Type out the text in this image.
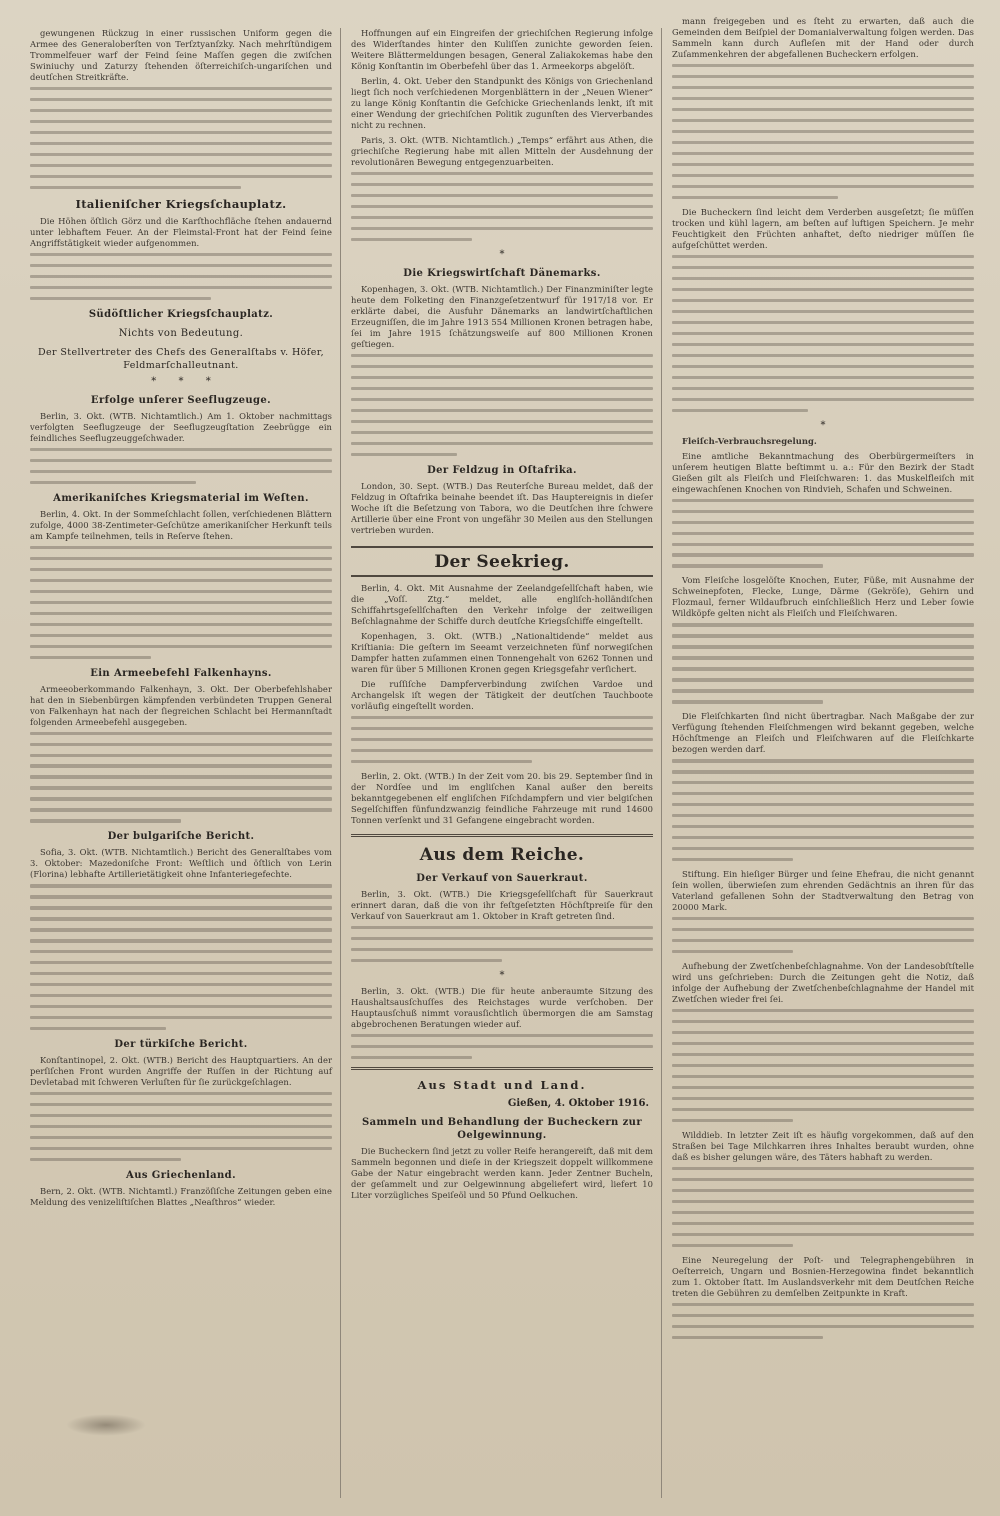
gewungenen Rückzug in einer russischen Uniform gegen die Armee des Generaloberſten von Terſztyanſzky. Nach mehrſtündigem Trommelfeuer warf der Feind ſeine Maſſen gegen die zwiſchen Swiniuchy und Zaturzy ſtehenden öſterreichiſch-ungariſchen und deutſchen Streitkräfte.

Italieniſcher Kriegsſchauplatz.

Die Höhen öſtlich Görz und die Karſthochfläche ſtehen andauernd unter lebhaftem Feuer. An der Fleimstal-Front hat der Feind ſeine Angriffstätigkeit wieder aufgenommen.

Südöſtlicher Kriegsſchauplatz.
Nichts von Bedeutung.
Der Stellvertreter des Chefs des Generalſtabs v. Höfer, Feldmarſchalleutnant.
*       *       *
Erfolge unſerer Seeflugzeuge.

Berlin, 3. Okt. (WTB. Nichtamtlich.) Am 1. Oktober nachmittags verfolgten Seeflugzeuge der Seeflugzeugſtation Zeebrügge ein feindliches Seeflugzeuggeſchwader.

Amerikaniſches Kriegsmaterial im Weſten.

Berlin, 4. Okt. In der Sommeſchlacht ſollen, verſchiedenen Blättern zufolge, 4000 38-Zentimeter-Geſchütze amerikaniſcher Herkunft teils am Kampfe teilnehmen, teils in Reſerve ſtehen.

Ein Armeebefehl Falkenhayns.

Armeeoberkommando Falkenhayn, 3. Okt. Der Oberbefehlshaber hat den in Siebenbürgen kämpfenden verbündeten Truppen General von Falkenhayn hat nach der ſiegreichen Schlacht bei Hermannſtadt folgenden Armeebefehl ausgegeben.

Der bulgariſche Bericht.

Sofia, 3. Okt. (WTB. Nichtamtlich.) Bericht des Generalſtabes vom 3. Oktober: Mazedoniſche Front: Weſtlich und öſtlich von Lerin (Florina) lebhafte Artillerietätigkeit ohne Infanteriegefechte.

Der türkiſche Bericht.

Konſtantinopel, 2. Okt. (WTB.) Bericht des Hauptquartiers. An der perſiſchen Front wurden Angriffe der Ruſſen in der Richtung auf Devletabad mit ſchweren Verluſten für ſie zurückgeſchlagen.

Aus Griechenland.

Bern, 2. Okt. (WTB. Nichtamtl.) Franzöſiſche Zeitungen geben eine Meldung des venizeliſtiſchen Blattes „Neaſthros“ wieder.

Hoffnungen auf ein Eingreifen der griechiſchen Regierung infolge des Widerſtandes hinter den Kuliſſen zunichte geworden ſeien. Weitere Blättermeldungen besagen, General Zaliakokemas habe den König Konſtantin im Oberbefehl über das 1. Armeekorps abgelöſt.

Berlin, 4. Okt. Ueber den Standpunkt des Königs von Griechenland liegt ſich noch verſchiedenen Morgenblättern in der „Neuen Wiener“ zu lange König Konſtantin die Geſchicke Griechenlands lenkt, iſt mit einer Wendung der griechiſchen Politik zugunſten des Vierverbandes nicht zu rechnen.

Paris, 3. Okt. (WTB. Nichtamtlich.) „Temps“ erfährt aus Athen, die griechiſche Regierung habe mit allen Mitteln der Ausdehnung der revolutionären Bewegung entgegenzuarbeiten.

*
Die Kriegswirtſchaft Dänemarks.

Kopenhagen, 3. Okt. (WTB. Nichtamtlich.) Der Finanzminiſter legte heute dem Folketing den Finanzgeſetzentwurf für 1917/18 vor. Er erklärte dabei, die Ausfuhr Dänemarks an landwirtſchaftlichen Erzeugniſſen, die im Jahre 1913 554 Millionen Kronen betragen habe, ſei im Jahre 1915 ſchätzungsweiſe auf 800 Millionen Kronen geſtiegen.

Der Feldzug in Oſtafrika.

London, 30. Sept. (WTB.) Das Reuterſche Bureau meldet, daß der Feldzug in Oſtafrika beinahe beendet iſt. Das Hauptereignis in dieſer Woche iſt die Beſetzung von Tabora, wo die Deutſchen ihre ſchwere Artillerie über eine Front von ungefähr 30 Meilen aus den Stellungen vertrieben wurden.

Der Seekrieg.

Berlin, 4. Okt. Mit Ausnahme der Zeelandgeſellſchaft haben, wie die „Voſſ. Ztg.“ meldet, alle engliſch-holländiſchen Schiffahrtsgeſellſchaften den Verkehr infolge der zeitweiligen Beſchlagnahme der Schiffe durch deutſche Kriegsſchiffe eingeſtellt.

Kopenhagen, 3. Okt. (WTB.) „Nationaltidende“ meldet aus Kriſtiania: Die geſtern im Seeamt verzeichneten fünf norwegiſchen Dampfer hatten zuſammen einen Tonnengehalt von 6262 Tonnen und waren für über 5 Millionen Kronen gegen Kriegsgefahr verſichert.

Die ruſſiſche Dampferverbindung zwiſchen Vardoe und Archangelsk iſt wegen der Tätigkeit der deutſchen Tauchboote vorläufig eingeſtellt worden.

Berlin, 2. Okt. (WTB.) In der Zeit vom 20. bis 29. September ſind in der Nordſee und im engliſchen Kanal außer den bereits bekanntgegebenen elf engliſchen Fiſchdampfern und vier belgiſchen Segelſchiffen fünfundzwanzig feindliche Fahrzeuge mit rund 14600 Tonnen verſenkt und 31 Gefangene eingebracht worden.

Aus dem Reiche.
Der Verkauf von Sauerkraut.

Berlin, 3. Okt. (WTB.) Die Kriegsgeſellſchaft für Sauerkraut erinnert daran, daß die von ihr feſtgeſetzten Höchſtpreiſe für den Verkauf von Sauerkraut am 1. Oktober in Kraft getreten ſind.

*

Berlin, 3. Okt. (WTB.) Die für heute anberaumte Sitzung des Haushaltsausſchuſſes des Reichstages wurde verſchoben. Der Hauptausſchuß nimmt vorausſichtlich übermorgen die am Samstag abgebrochenen Beratungen wieder auf.

Aus Stadt und Land.
Gießen, 4. Oktober 1916.
Sammeln und Behandlung der Bucheckern zur Oelgewinnung.

Die Bucheckern ſind jetzt zu voller Reife herangereift, daß mit dem Sammeln begonnen und dieſe in der Kriegszeit doppelt willkommene Gabe der Natur eingebracht werden kann. Jeder Zentner Bucheln, der geſammelt und zur Oelgewinnung abgeliefert wird, liefert 10 Liter vorzügliches Speiſeöl und 50 Pfund Oelkuchen.

mann freigegeben und es ſteht zu erwarten, daß auch die Gemeinden dem Beiſpiel der Domanialverwaltung folgen werden. Das Sammeln kann durch Aufleſen mit der Hand oder durch Zuſammenkehren der abgefallenen Bucheckern erfolgen.

Die Bucheckern ſind leicht dem Verderben ausgeſetzt; ſie müſſen trocken und kühl lagern, am beſten auf luftigen Speichern. Je mehr Feuchtigkeit den Früchten anhaftet, deſto niedriger müſſen ſie aufgeſchüttet werden.

*

Fleiſch-Verbrauchsregelung.

Eine amtliche Bekanntmachung des Oberbürgermeiſters in unſerem heutigen Blatte beſtimmt u. a.: Für den Bezirk der Stadt Gießen gilt als Fleiſch und Fleiſchwaren: 1. das Muskelfleiſch mit eingewachſenen Knochen von Rindvieh, Schafen und Schweinen.

Vom Fleiſche losgelöſte Knochen, Euter, Füße, mit Ausnahme der Schweinepfoten, Flecke, Lunge, Därme (Gekröſe), Gehirn und Flozmaul, ferner Wildaufbruch einſchließlich Herz und Leber ſowie Wildköpfe gelten nicht als Fleiſch und Fleiſchwaren.

Die Fleiſchkarten ſind nicht übertragbar. Nach Maßgabe der zur Verfügung ſtehenden Fleiſchmengen wird bekannt gegeben, welche Höchſtmenge an Fleiſch und Fleiſchwaren auf die Fleiſchkarte bezogen werden darf.

Stiftung. Ein hieſiger Bürger und ſeine Ehefrau, die nicht genannt ſein wollen, überwieſen zum ehrenden Gedächtnis an ihren für das Vaterland gefallenen Sohn der Stadtverwaltung den Betrag von 20000 Mark.

Aufhebung der Zwetſchenbeſchlagnahme. Von der Landesobſtſtelle wird uns geſchrieben: Durch die Zeitungen geht die Notiz, daß infolge der Aufhebung der Zwetſchenbeſchlagnahme der Handel mit Zwetſchen wieder frei ſei.

Wilddieb. In letzter Zeit iſt es häufig vorgekommen, daß auf den Straßen bei Tage Milchkarren ihres Inhaltes beraubt wurden, ohne daß es bisher gelungen wäre, des Täters habhaft zu werden.

Eine Neuregelung der Poſt- und Telegraphengebühren in Oeſterreich, Ungarn und Bosnien-Herzegowina findet bekanntlich zum 1. Oktober ſtatt. Im Auslandsverkehr mit dem Deutſchen Reiche treten die Gebühren zu demſelben Zeitpunkte in Kraft.
